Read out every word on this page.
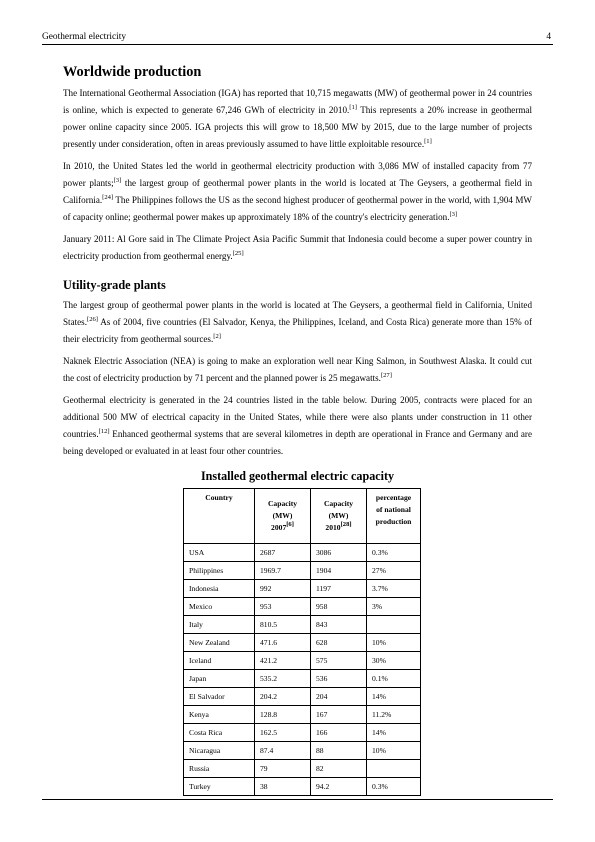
Geothermal electricity	4
Worldwide production

The International Geothermal Association (IGA) has reported that 10,715 megawatts (MW) of geothermal power in 24 countries is online, which is expected to generate 67,246 GWh of electricity in 2010.[1] This represents a 20% increase in geothermal power online capacity since 2005. IGA projects this will grow to 18,500 MW by 2015, due to the large number of projects presently under consideration, often in areas previously assumed to have little exploitable resource.[1]

In 2010, the United States led the world in geothermal electricity production with 3,086 MW of installed capacity from 77 power plants;[3] the largest group of geothermal power plants in the world is located at The Geysers, a geothermal field in California.[24] The Philippines follows the US as the second highest producer of geothermal power in the world, with 1,904 MW of capacity online; geothermal power makes up approximately 18% of the country's electricity generation.[3]

January 2011: Al Gore said in The Climate Project Asia Pacific Summit that Indonesia could become a super power country in electricity production from geothermal energy.[25]

Utility-grade plants

The largest group of geothermal power plants in the world is located at The Geysers, a geothermal field in California, United States.[26] As of 2004, five countries (El Salvador, Kenya, the Philippines, Iceland, and Costa Rica) generate more than 15% of their electricity from geothermal sources.[2]

Naknek Electric Association (NEA) is going to make an exploration well near King Salmon, in Southwest Alaska. It could cut the cost of electricity production by 71 percent and the planned power is 25 megawatts.[27]

Geothermal electricity is generated in the 24 countries listed in the table below. During 2005, contracts were placed for an additional 500 MW of electrical capacity in the United States, while there were also plants under construction in 11 other countries.[12] Enhanced geothermal systems that are several kilometres in depth are operational in France and Germany and are being developed or evaluated in at least four other countries.

Installed geothermal electric capacity
Country	Capacity
(MW)
2007[6]	Capacity
(MW)
2010[28]	percentage
of national
production
USA	2687	3086	0.3%
Philippines	1969.7	1904	27%
Indonesia	992	1197	3.7%
Mexico	953	958	3%
Italy	810.5	843	
New Zealand	471.6	628	10%
Iceland	421.2	575	30%
Japan	535.2	536	0.1%
El Salvador	204.2	204	14%
Kenya	128.8	167	11.2%
Costa Rica	162.5	166	14%
Nicaragua	87.4	88	10%
Russia	79	82	
Turkey	38	94.2	0.3%
